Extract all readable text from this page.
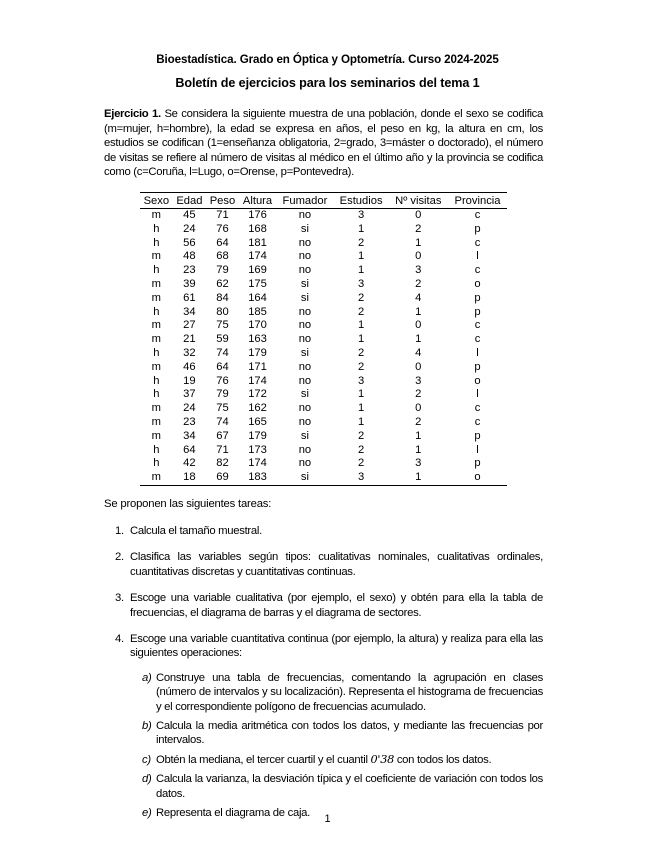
Bioestadística. Grado en Óptica y Optometría. Curso 2024-2025
Boletín de ejercicios para los seminarios del tema 1
Ejercicio 1. Se considera la siguiente muestra de una población, donde el sexo se codifica (m=mujer, h=hombre), la edad se expresa en años, el peso en kg, la altura en cm, los estudios se codifican (1=enseñanza obligatoria, 2=grado, 3=máster o doctorado), el número de visitas se refiere al número de visitas al médico en el último año y la provincia se codifica como (c=Coruña, l=Lugo, o=Orense, p=Pontevedra).
Sexo	Edad	Peso	Altura	Fumador	Estudios	Nº visitas	Provincia
m	45	71	176	no	3	0	c
h	24	76	168	si	1	2	p
h	56	64	181	no	2	1	c
m	48	68	174	no	1	0	l
h	23	79	169	no	1	3	c
m	39	62	175	si	3	2	o
m	61	84	164	si	2	4	p
h	34	80	185	no	2	1	p
m	27	75	170	no	1	0	c
m	21	59	163	no	1	1	c
h	32	74	179	si	2	4	l
m	46	64	171	no	2	0	p
h	19	76	174	no	3	3	o
h	37	79	172	si	1	2	l
m	24	75	162	no	1	0	c
m	23	74	165	no	1	2	c
m	34	67	179	si	2	1	p
h	64	71	173	no	2	1	l
h	42	82	174	no	2	3	p
m	18	69	183	si	3	1	o
Se proponen las siguientes tareas:
1. Calcula el tamaño muestral.
2. Clasifica las variables según tipos: cualitativas nominales, cualitativas ordinales, cuantitativas discretas y cuantitativas continuas.
3. Escoge una variable cualitativa (por ejemplo, el sexo) y obtén para ella la tabla de frecuencias, el diagrama de barras y el diagrama de sectores.
4. Escoge una variable cuantitativa continua (por ejemplo, la altura) y realiza para ella las siguientes operaciones:
a) Construye una tabla de frecuencias, comentando la agrupación en clases (número de intervalos y su localización). Representa el histograma de frecuencias y el correspondiente polígono de frecuencias acumulado.
b) Calcula la media aritmética con todos los datos, y mediante las frecuencias por intervalos.
c) Obtén la mediana, el tercer cuartil y el cuantil 0'38 con todos los datos.
d) Calcula la varianza, la desviación típica y el coeficiente de variación con todos los datos.
e) Representa el diagrama de caja.	1
